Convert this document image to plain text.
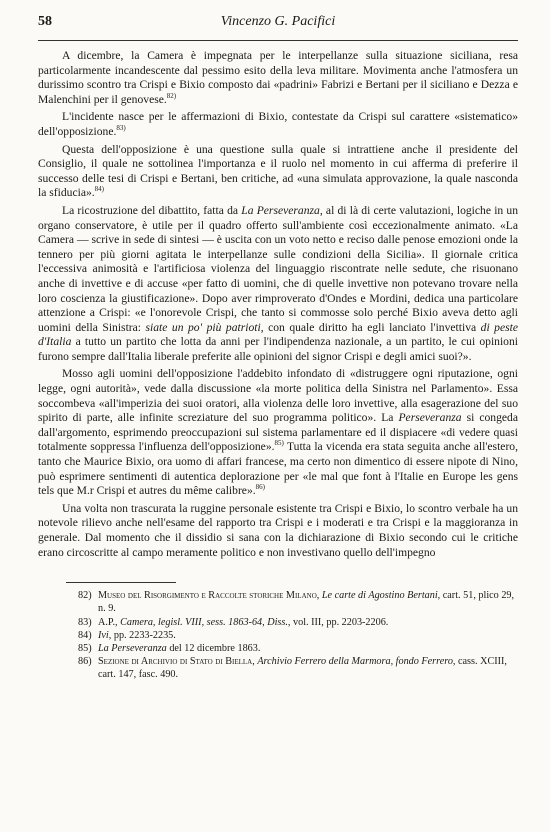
58	Vincenzo G. Pacifici

A dicembre, la Camera è impegnata per le interpellanze sulla situazione siciliana, resa particolarmente incandescente dal pessimo esito della leva militare. Movimenta anche l'atmosfera un durissimo scontro tra Crispi e Bixio composto dai «padrini» Fabrizi e Bertani per il siciliano e Dezza e Malenchini per il genovese.$^{82)}$

L'incidente nasce per le affermazioni di Bixio, contestate da Crispi sul carattere «sistematico» dell'opposizione.$^{83)}$

Questa dell'opposizione è una questione sulla quale si intrattiene anche il presidente del Consiglio, il quale ne sottolinea l'importanza e il ruolo nel momento in cui afferma di preferire il successo delle tesi di Crispi e Bertani, ben critiche, ad «una simulata approvazione, la quale nasconda la sfiducia».$^{84)}$

La ricostruzione del dibattito, fatta da La Perseveranza, al di là di certe valutazioni, logiche in un organo conservatore, è utile per il quadro offerto sull'ambiente così eccezionalmente animato. «La Camera — scrive in sede di sintesi — è uscita con un voto netto e reciso dalle penose emozioni onde la tennero per più giorni agitata le interpellanze sulle condizioni della Sicilia». Il giornale critica l'eccessiva animosità e l'artificiosa violenza del linguaggio riscontrate nelle sedute, che risuonano anche di invettive e di accuse «per fatto di uomini, che di quelle invettive non potevano trovare nella loro coscienza la giustificazione». Dopo aver rimproverato d'Ondes e Mordini, dedica una particolare attenzione a Crispi: «e l'onorevole Crispi, che tanto si commosse solo perché Bixio aveva detto agli uomini della Sinistra: siate un po' più patrioti, con quale diritto ha egli lanciato l'invettiva di peste d'Italia a tutto un partito che lotta da anni per l'indipendenza nazionale, a un partito, le cui opinioni furono sempre dall'Italia liberale preferite alle opinioni del signor Crispi e degli amici suoi?».

Mosso agli uomini dell'opposizione l'addebito infondato di «distruggere ogni riputazione, ogni legge, ogni autorità», vede dalla discussione «la morte politica della Sinistra nel Parlamento». Essa soccombeva «all'imperizia dei suoi oratori, alla violenza delle loro invettive, alla esagerazione del suo spirito di parte, alle infinite screziature del suo programma politico». La Perseveranza si congeda dall'argomento, esprimendo preoccupazioni sul sistema parlamentare ed il dispiacere «di vedere quasi totalmente soppressa l'influenza dell'opposizione».$^{85)}$ Tutta la vicenda era stata seguita anche all'estero, tanto che Maurice Bixio, ora uomo di affari francese, ma certo non dimentico di essere nipote di Nino, può esprimere sentimenti di autentica deplorazione per «le mal que font à l'Italie en Europe les gens tels que M.r Crispi et autres du même calibre».$^{86)}$

Una volta non trascurata la ruggine personale esistente tra Crispi e Bixio, lo scontro verbale ha un notevole rilievo anche nell'esame del rapporto tra Crispi e i moderati e tra Crispi e la maggioranza in generale. Dal momento che il dissidio si sana con la dichiarazione di Bixio secondo cui le critiche erano circoscritte al campo meramente politico e non investivano quello dell'impegno

82) Museo del Risorgimento e Raccolte storiche Milano, Le carte di Agostino Bertani, cart. 51, plico 29, n. 9.

83) A.P., Camera, legisl. VIII, sess. 1863-64, Diss., vol. III, pp. 2203-2206.

84) Ivi, pp. 2233-2235.

85) La Perseveranza del 12 dicembre 1863.

86) Sezione di Archivio di Stato di Biella, Archivio Ferrero della Marmora, fondo Ferrero, cass. XCIII, cart. 147, fasc. 490.
